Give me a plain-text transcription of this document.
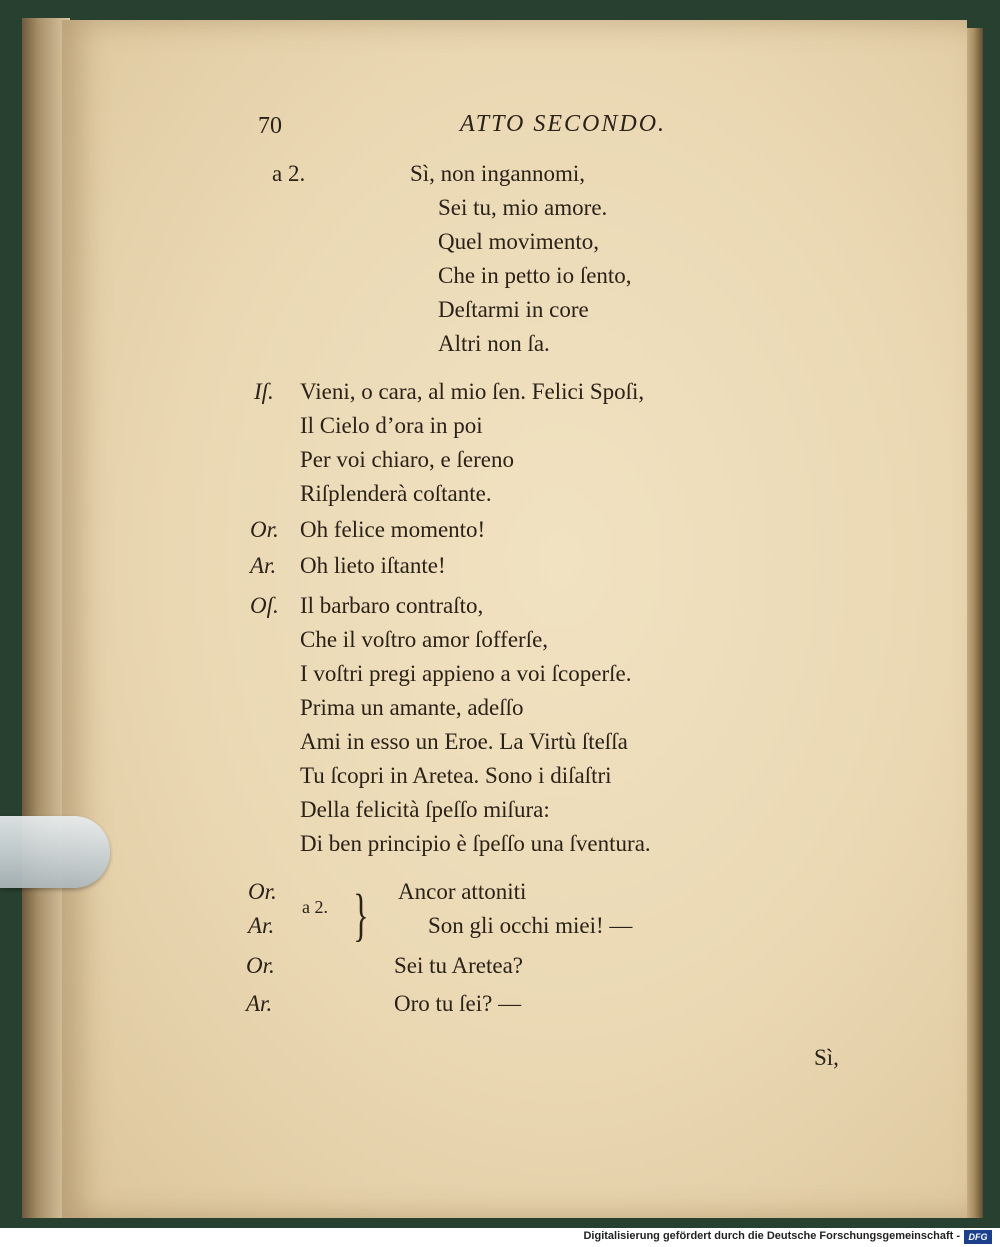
70	ATTO SECONDO.
a 2.	Sì, non ingannomi,
Sei tu, mio amore.
Quel movimento,
Che in petto io ſento,
Deſtarmi in core
Altri non ſa.
Iſ. Vieni, o cara, al mio ſen. Felici Spoſi,
Il Cielo d’ora in poi
Per voi chiaro, e ſereno
Riſplenderà coſtante.
Or. Oh felice momento!
Ar. Oh lieto iſtante!
Oſ. Il barbaro contraſto,
Che il voſtro amor ſofferſe,
I voſtri pregi appieno a voi ſcoperſe.
Prima un amante, adeſſo
Ami in esso un Eroe. La Virtù ſteſſa
Tu ſcopri in Aretea. Sono i diſaſtri
Della felicità ſpeſſo miſura:
Di ben principio è ſpeſſo una ſventura.
Or.	Ancor attoniti
}
a 2.
Ar.	Son gli occhi miei! —
Or.	Sei tu Aretea?
Ar.	Oro tu ſei? —
Sì,
Digitalisierung gefördert durch die Deutsche Forschungsgemeinschaft - DFG
